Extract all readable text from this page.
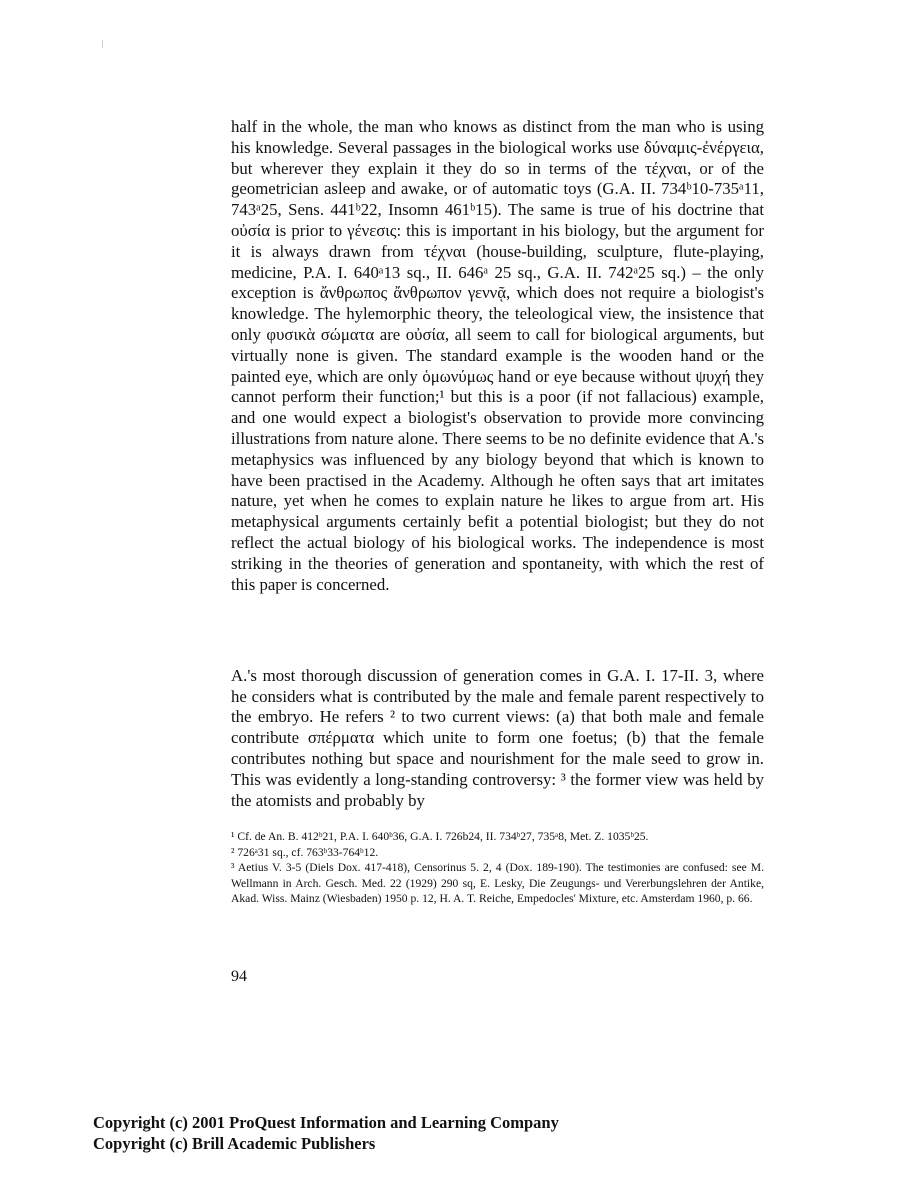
half in the whole, the man who knows as distinct from the man who is using his knowledge. Several passages in the biological works use δύναμις-ἐνέργεια, but wherever they explain it they do so in terms of the τέχναι, or of the geometrician asleep and awake, or of automatic toys (G.A. II. 734ᵇ10-735ᵃ11, 743ᵃ25, Sens. 441ᵇ22, Insomn 461ᵇ15). The same is true of his doctrine that οὐσία is prior to γένεσις: this is important in his biology, but the argument for it is always drawn from τέχναι (house-building, sculpture, flute-playing, medicine, P.A. I. 640ᵃ13 sq., II. 646ᵃ 25 sq., G.A. II. 742ᵃ25 sq.) – the only exception is ἄνθρωπος ἄνθρωπον γεννᾷ, which does not require a biologist's knowledge. The hylemorphic theory, the teleological view, the insistence that only φυσικὰ σώματα are οὐσία, all seem to call for biological arguments, but virtually none is given. The standard example is the wooden hand or the painted eye, which are only ὁμωνύμως hand or eye because without ψυχή they cannot perform their function;¹ but this is a poor (if not fallacious) example, and one would expect a biologist's observation to provide more convincing illustrations from nature alone. There seems to be no definite evidence that A.'s metaphysics was influenced by any biology beyond that which is known to have been practised in the Academy. Although he often says that art imitates nature, yet when he comes to explain nature he likes to argue from art. His metaphysical arguments certainly befit a potential biologist; but they do not reflect the actual biology of his biological works. The independence is most striking in the theories of generation and spontaneity, with which the rest of this paper is concerned.

A.'s most thorough discussion of generation comes in G.A. I. 17-II. 3, where he considers what is contributed by the male and female parent respectively to the embryo. He refers ² to two current views: (a) that both male and female contribute σπέρματα which unite to form one foetus; (b) that the female contributes nothing but space and nourishment for the male seed to grow in. This was evidently a long-standing controversy: ³ the former view was held by the atomists and probably by

¹ Cf. de An. B. 412ᵇ21, P.A. I. 640ᵇ36, G.A. I. 726b24, II. 734ᵇ27, 735ᵃ8, Met. Z. 1035ᵇ25.

² 726ᵃ31 sq., cf. 763ᵇ33-764ᵇ12.

³ Aetius V. 3-5 (Diels Dox. 417-418), Censorinus 5. 2, 4 (Dox. 189-190). The testimonies are confused: see M. Wellmann in Arch. Gesch. Med. 22 (1929) 290 sq, E. Lesky, Die Zeugungs- und Vererbungslehren der Antike, Akad. Wiss. Mainz (Wiesbaden) 1950 p. 12, H. A. T. Reiche, Empedocles' Mixture, etc. Amsterdam 1960, p. 66.

94
Copyright (c) 2001 ProQuest Information and Learning Company
Copyright (c) Brill Academic Publishers
